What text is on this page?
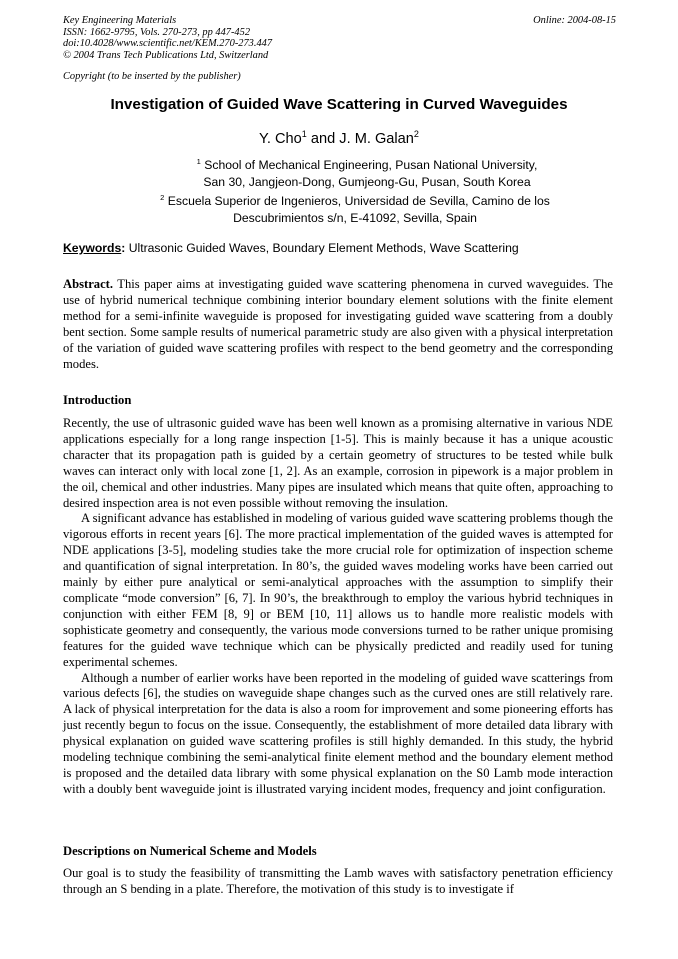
Key Engineering Materials
ISSN: 1662-9795, Vols. 270-273, pp 447-452
doi:10.4028/www.scientific.net/KEM.270-273.447
© 2004 Trans Tech Publications Ltd, Switzerland
Online: 2004-08-15
Copyright (to be inserted by the publisher)
Investigation of Guided Wave Scattering in Curved Waveguides
Y. Cho$^1$ and J. M. Galan$^2$
$^1$ School of Mechanical Engineering, Pusan National University,
San 30, Jangjeon-Dong, Gumjeong-Gu, Pusan, South Korea
$^2$ Escuela Superior de Ingenieros, Universidad de Sevilla, Camino de los
Descubrimientos s/n, E-41092, Sevilla, Spain
Keywords: Ultrasonic Guided Waves, Boundary Element Methods, Wave Scattering

Abstract. This paper aims at investigating guided wave scattering phenomena in curved waveguides. The use of hybrid numerical technique combining interior boundary element solutions with the finite element method for a semi-infinite waveguide is proposed for investigating guided wave scattering from a doubly bent section. Some sample results of numerical parametric study are also given with a physical interpretation of the variation of guided wave scattering profiles with respect to the bend geometry and the corresponding modes.

Introduction

Recently, the use of ultrasonic guided wave has been well known as a promising alternative in various NDE applications especially for a long range inspection [1-5]. This is mainly because it has a unique acoustic character that its propagation path is guided by a certain geometry of structures to be tested while bulk waves can interact only with local zone [1, 2]. As an example, corrosion in pipework is a major problem in the oil, chemical and other industries. Many pipes are insulated which means that quite often, approaching to desired inspection area is not even possible without removing the insulation.

A significant advance has established in modeling of various guided wave scattering problems though the vigorous efforts in recent years [6]. The more practical implementation of the guided waves is attempted for NDE applications [3-5], modeling studies take the more crucial role for optimization of inspection scheme and quantification of signal interpretation. In 80’s, the guided waves modeling works have been carried out mainly by either pure analytical or semi-analytical approaches with the assumption to simplify their complicate “mode conversion” [6, 7]. In 90’s, the breakthrough to employ the various hybrid techniques in conjunction with either FEM [8, 9] or BEM [10, 11] allows us to handle more realistic models with sophisticate geometry and consequently, the various mode conversions turned to be rather unique promising features for the guided wave technique which can be physically predicted and readily used for tuning experimental schemes.

Although a number of earlier works have been reported in the modeling of guided wave scatterings from various defects [6], the studies on waveguide shape changes such as the curved ones are still relatively rare. A lack of physical interpretation for the data is also a room for improvement and some pioneering efforts has just recently begun to focus on the issue. Consequently, the establishment of more detailed data library with physical explanation on guided wave scattering profiles is still highly demanded. In this study, the hybrid modeling technique combining the semi-analytical finite element method and the boundary element method is proposed and the detailed data library with some physical explanation on the S0 Lamb mode interaction with a doubly bent waveguide joint is illustrated varying incident modes, frequency and joint configuration.

Descriptions on Numerical Scheme and Models

Our goal is to study the feasibility of transmitting the Lamb waves with satisfactory penetration efficiency through an S bending in a plate. Therefore, the motivation of this study is to investigate if
